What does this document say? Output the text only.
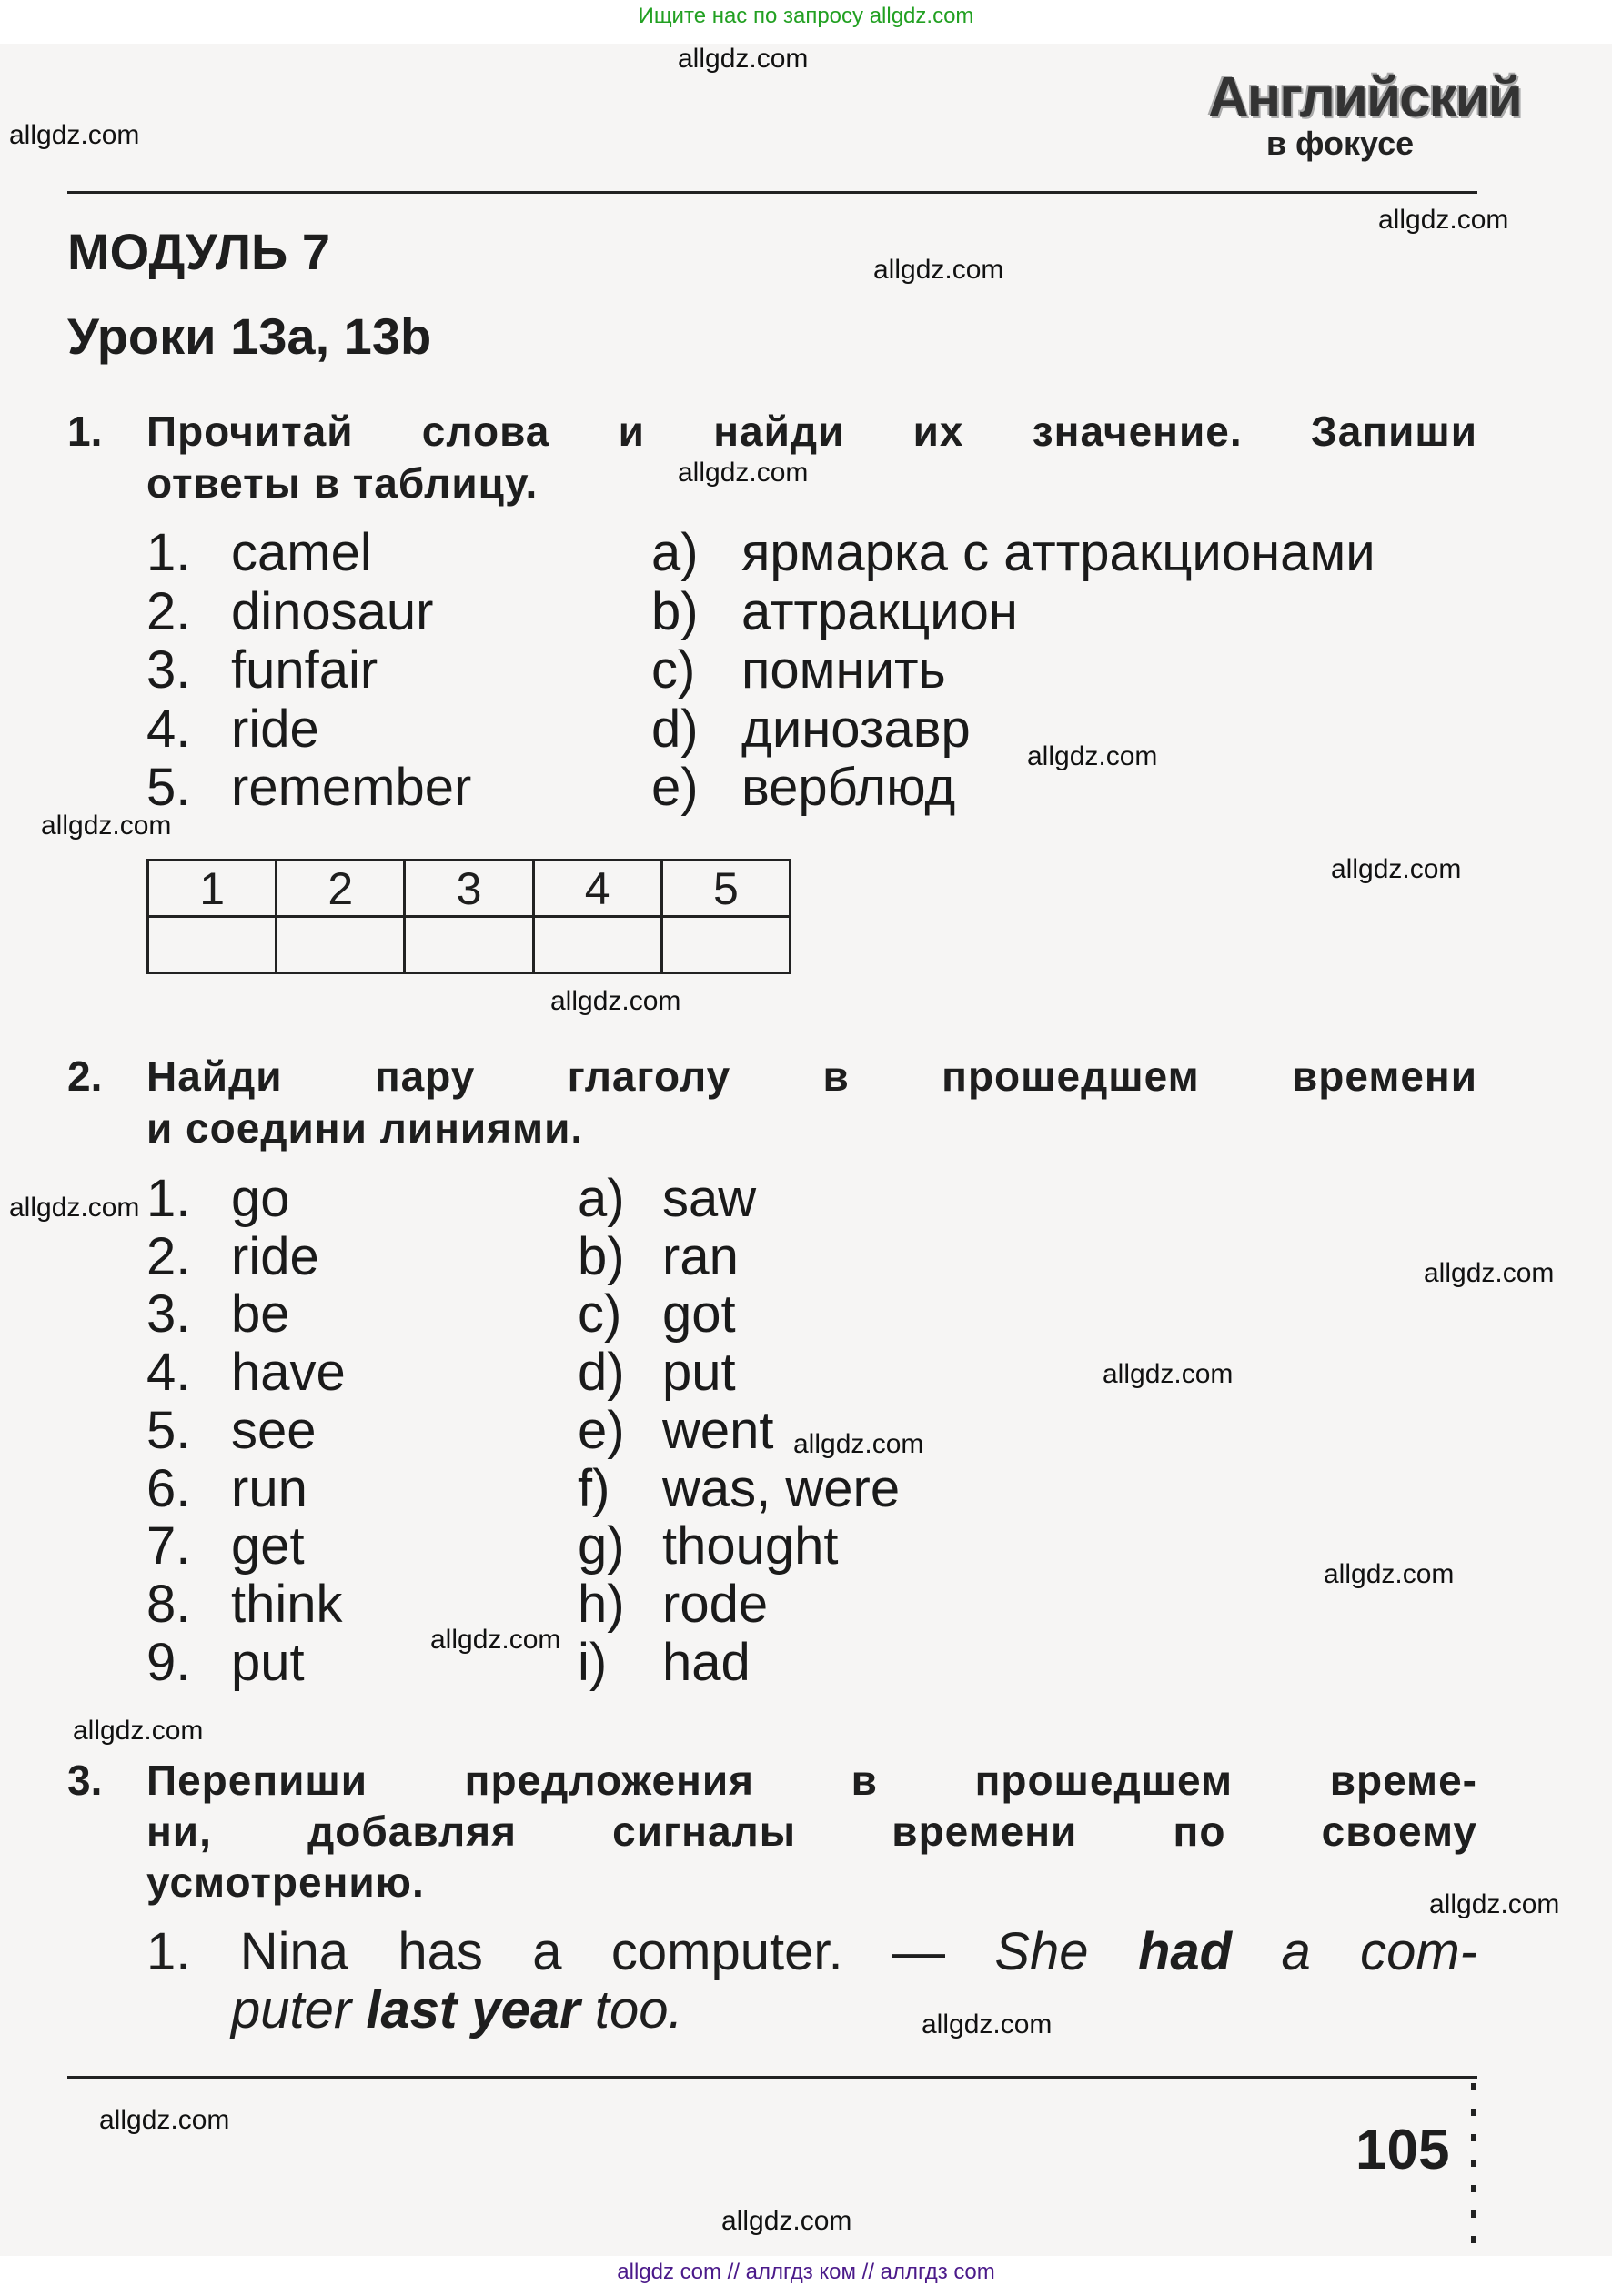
Ищите нас по запросу allgdz.com
Английский
в фокусе
МОДУЛЬ 7
Уроки 13а, 13b
1. Прочитай слова и найди их значение. Запиши
ответы в таблицу.
1. camel	a) ярмарка с аттракционами
2. dinosaur	b) аттракцион
3. funfair	c) помнить
4. ride	d) динозавр
5. remember	e) верблюд
1	2	3	4	5

2. Найди пару глаголу в прошедшем времени
и соедини линиями.
1. go	a) saw
2. ride	b) ran
3. be	c) got
4. have	d) put
5. see	e) went
6. run	f) was, were
7. get	g) thought
8. think	h) rode
9. put	i) had
3. Перепиши предложения в прошедшем време-
ни, добавляя сигналы времени по своему
усмотрению.
1. Nina has a computer. — She had a com-
puter last year too.
105
allgdz.com
allgdz.com
allgdz.com
allgdz.com
allgdz.com
allgdz.com
allgdz.com
allgdz.com
allgdz.com
allgdz.com
allgdz.com
allgdz.com
allgdz.com
allgdz.com
allgdz.com
allgdz.com
allgdz.com
allgdz.com
allgdz.com
allgdz.com
allgdz com // аллгдз ком // аллгдз com
